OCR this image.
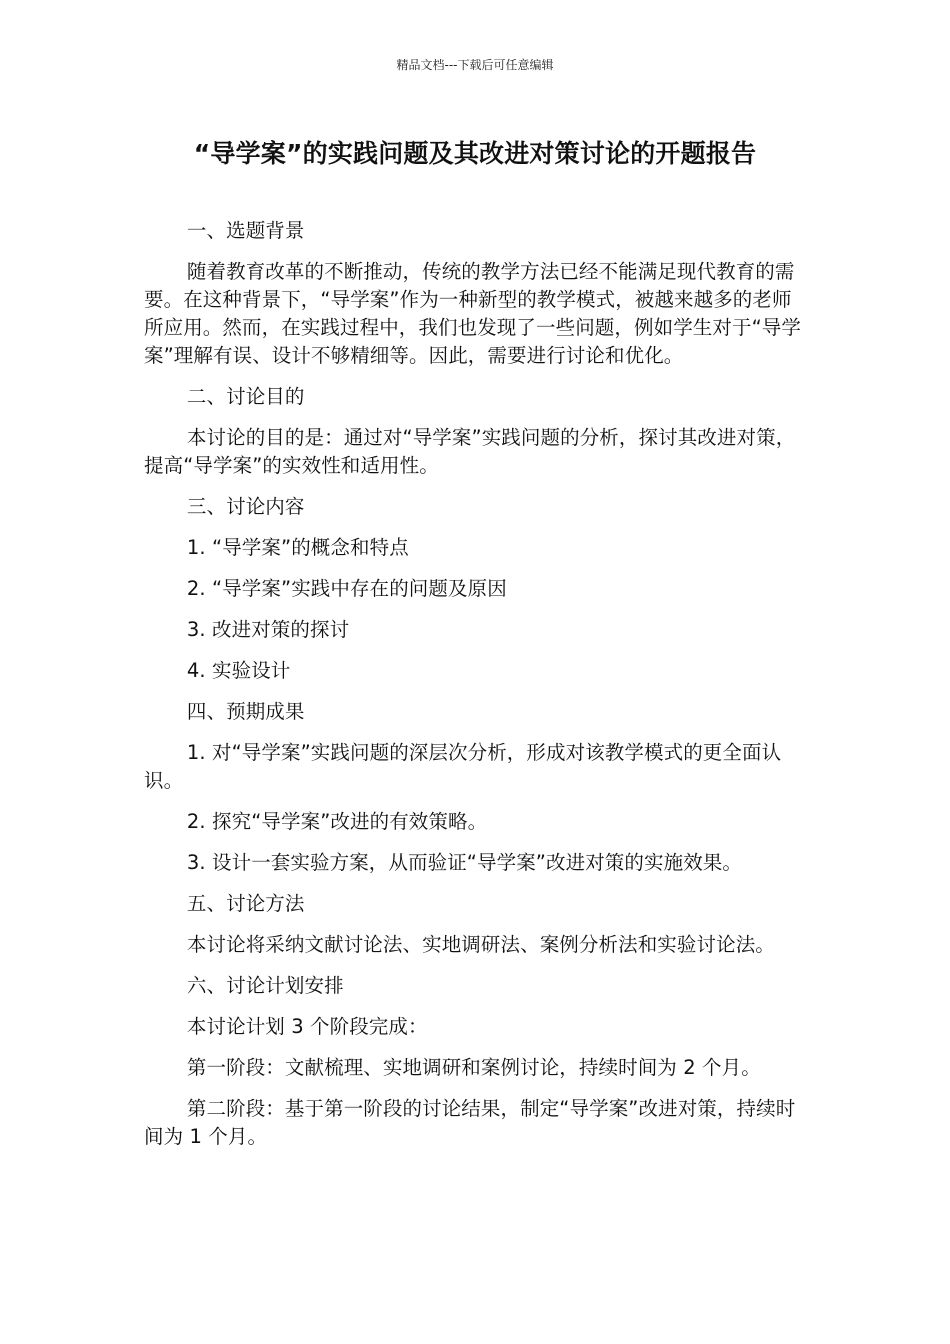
精品文档---下载后可任意编辑
“导学案”的实践问题及其改进对策讨论的开题报告

一、选题背景

随着教育改革的不断推动，传统的教学方法已经不能满足现代教育的需要。在这种背景下，“导学案”作为一种新型的教学模式，被越来越多的老师所应用。然而，在实践过程中，我们也发现了一些问题，例如学生对于“导学案”理解有误、设计不够精细等。因此，需要进行讨论和优化。

二、讨论目的

本讨论的目的是：通过对“导学案”实践问题的分析，探讨其改进对策，提高“导学案”的实效性和适用性。

三、讨论内容

1. “导学案”的概念和特点

2. “导学案”实践中存在的问题及原因

3. 改进对策的探讨

4. 实验设计

四、预期成果

1. 对“导学案”实践问题的深层次分析，形成对该教学模式的更全面认识。

2. 探究“导学案”改进的有效策略。

3. 设计一套实验方案，从而验证“导学案”改进对策的实施效果。

五、讨论方法

本讨论将采纳文献讨论法、实地调研法、案例分析法和实验讨论法。

六、讨论计划安排

本讨论计划 3 个阶段完成：

第一阶段：文献梳理、实地调研和案例讨论，持续时间为 2 个月。

第二阶段：基于第一阶段的讨论结果，制定“导学案”改进对策，持续时间为 1 个月。
